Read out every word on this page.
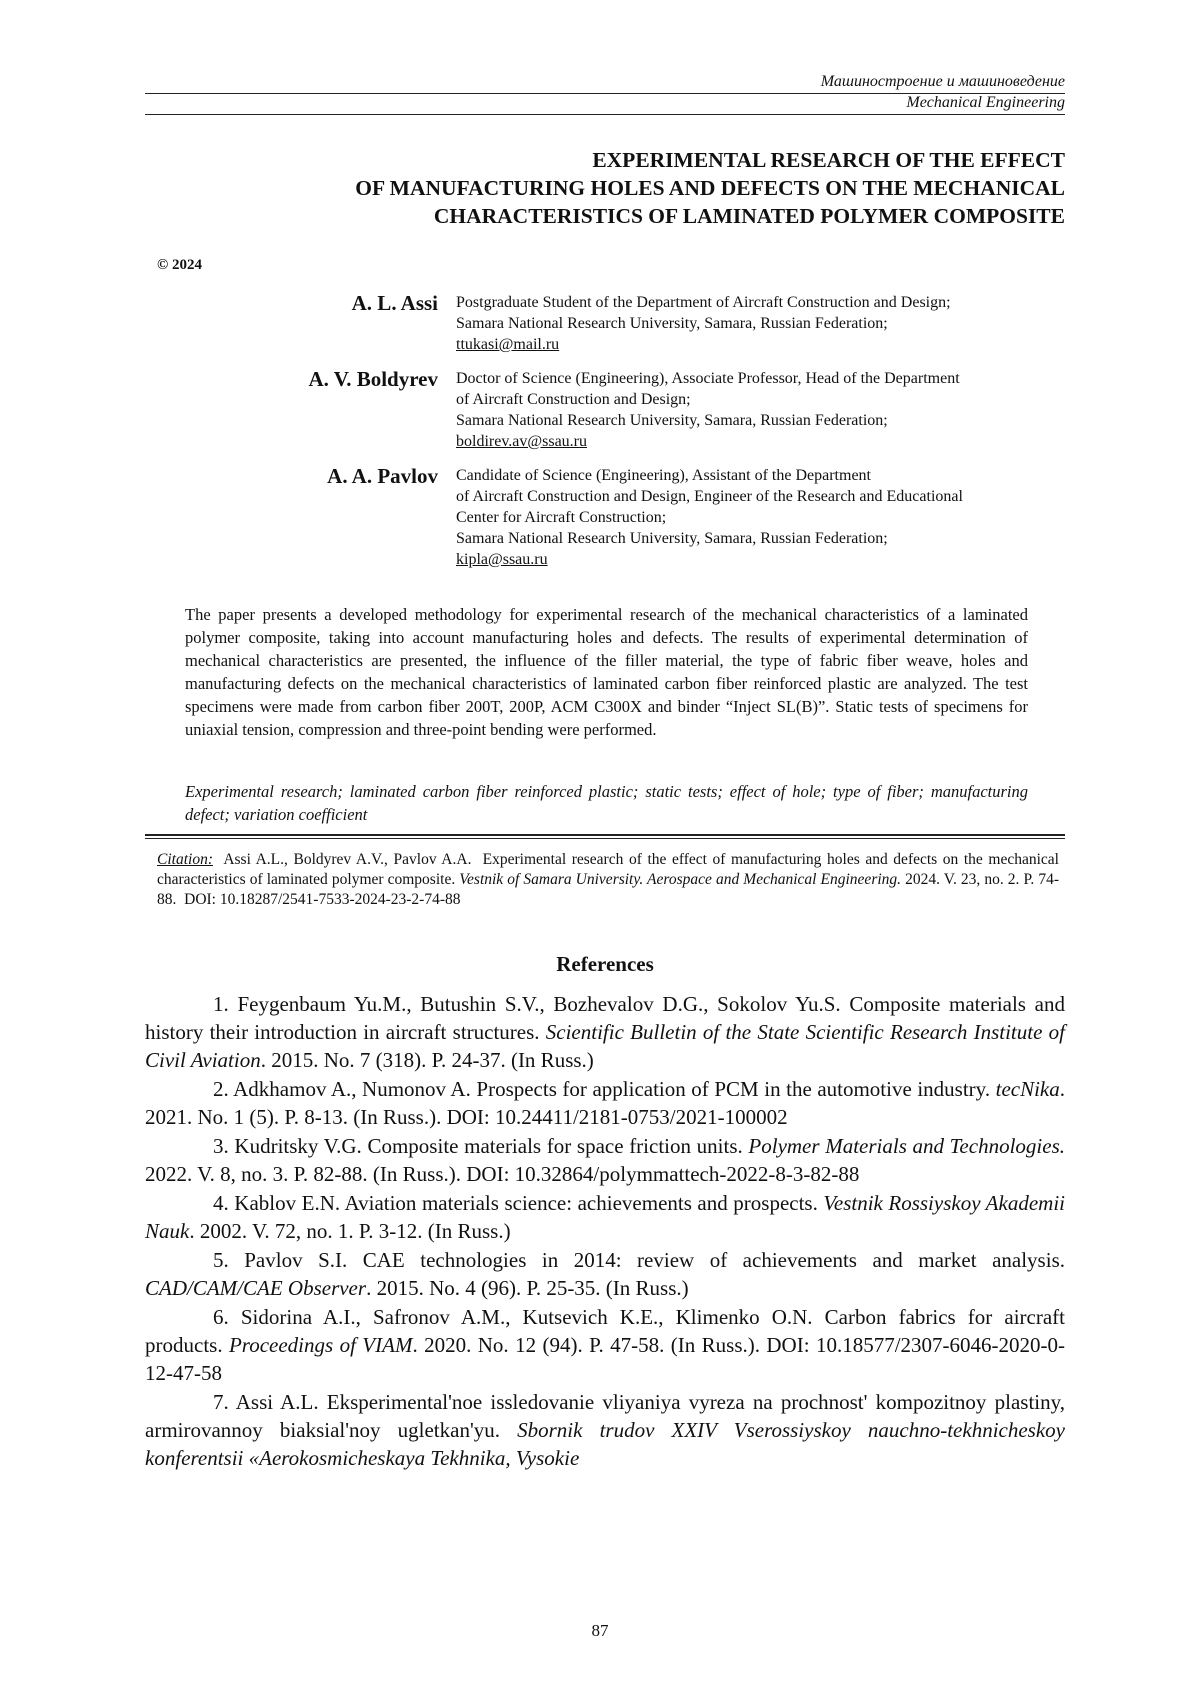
Машиностроение и машиноведение
Mechanical Engineering
EXPERIMENTAL RESEARCH OF THE EFFECT
OF MANUFACTURING HOLES AND DEFECTS ON THE MECHANICAL
CHARACTERISTICS OF LAMINATED POLYMER COMPOSITE
© 2024
A. L. Assi Postgraduate Student of the Department of Aircraft Construction and Design;
Samara National Research University, Samara, Russian Federation;
ttukasi@mail.ru
A. V. Boldyrev Doctor of Science (Engineering), Associate Professor, Head of the Department
of Aircraft Construction and Design;
Samara National Research University, Samara, Russian Federation;
boldirev.av@ssau.ru
A. A. Pavlov Candidate of Science (Engineering), Assistant of the Department
of Aircraft Construction and Design, Engineer of the Research and Educational
Center for Aircraft Construction;
Samara National Research University, Samara, Russian Federation;
kipla@ssau.ru
The paper presents a developed methodology for experimental research of the mechanical characteristics of a laminated polymer composite, taking into account manufacturing holes and defects. The results of experimental determination of mechanical characteristics are presented, the influence of the filler material, the type of fabric fiber weave, holes and manufacturing defects on the mechanical characteristics of laminated carbon fiber reinforced plastic are analyzed. The test specimens were made from carbon fiber 200T, 200P, ACM C300X and binder “Inject SL(B)”. Static tests of specimens for uniaxial tension, compression and three-point bending were performed.
Experimental research; laminated carbon fiber reinforced plastic; static tests; effect of hole; type of fiber; manufacturing defect; variation coefficient
Citation: Assi A.L., Boldyrev A.V., Pavlov A.A. Experimental research of the effect of manufacturing holes and defects on the mechanical characteristics of laminated polymer composite. Vestnik of Samara University. Aerospace and Mechanical Engineering. 2024. V. 23, no. 2. P. 74-88. DOI: 10.18287/2541-7533-2024-23-2-74-88
References

1. Feygenbaum Yu.M., Butushin S.V., Bozhevalov D.G., Sokolov Yu.S. Composite materials and history their introduction in aircraft structures. Scientific Bulletin of the State Scientific Research Institute of Civil Aviation. 2015. No. 7 (318). P. 24-37. (In Russ.)

2. Adkhamov A., Numonov A. Prospects for application of PCM in the automotive industry. tecNika. 2021. No. 1 (5). P. 8-13. (In Russ.). DOI: 10.24411/2181-0753/2021-100002

3. Kudritsky V.G. Composite materials for space friction units. Polymer Materials and Technologies. 2022. V. 8, no. 3. P. 82-88. (In Russ.). DOI: 10.32864/polymmattech-2022-8-3-82-88

4. Kablov E.N. Aviation materials science: achievements and prospects. Vestnik Rossiyskoy Akademii Nauk. 2002. V. 72, no. 1. P. 3-12. (In Russ.)

5. Pavlov S.I. CAE technologies in 2014: review of achievements and market analysis. CAD/CAM/CAE Observer. 2015. No. 4 (96). P. 25-35. (In Russ.)

6. Sidorina A.I., Safronov A.M., Kutsevich K.E., Klimenko O.N. Carbon fabrics for aircraft products. Proceedings of VIAM. 2020. No. 12 (94). P. 47-58. (In Russ.). DOI: 10.18577/2307-6046-2020-0-12-47-58

7. Assi A.L. Eksperimental'noe issledovanie vliyaniya vyreza na prochnost' kompozitnoy plastiny, armirovannoy biaksial'noy ugletkan'yu. Sbornik trudov XXIV Vserossiyskoy nauchno-tekhnicheskoy konferentsii «Aerokosmicheskaya Tekhnika, Vysokie

87
